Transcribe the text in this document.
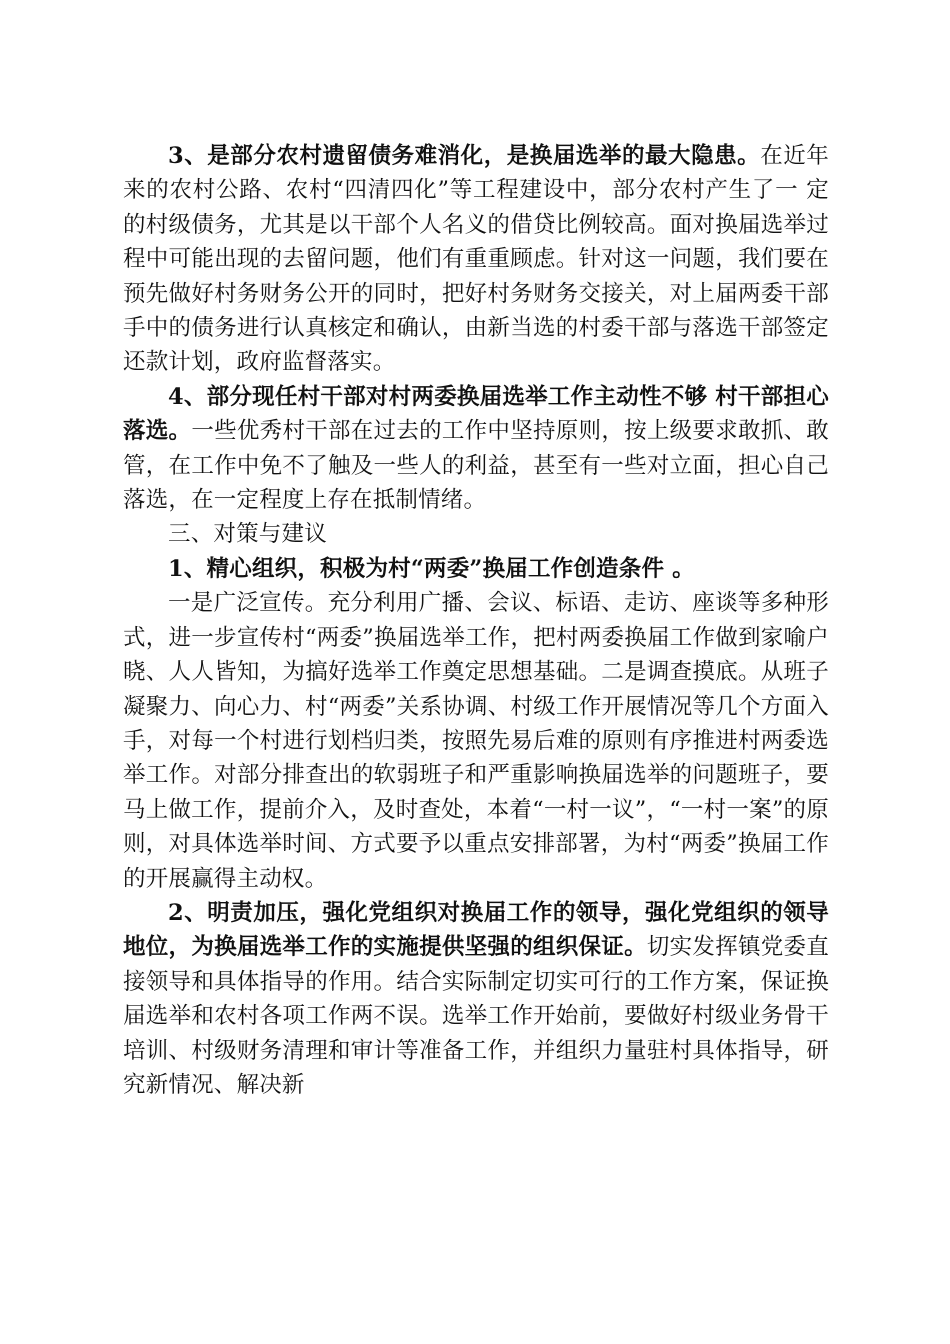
3、是部分农村遗留债务难消化，是换届选举的最大隐患。在近年来的农村公路、农村“四清四化”等工程建设中，部分农村产生了一 定的村级债务，尤其是以干部个人名义的借贷比例较高。面对换届选举过程中可能出现的去留问题，他们有重重顾虑。针对这一问题，我们要在预先做好村务财务公开的同时，把好村务财务交接关，对上届两委干部手中的债务进行认真核定和确认，由新当选的村委干部与落选干部签定还款计划，政府监督落实。

4、部分现任村干部对村两委换届选举工作主动性不够 村干部担心落选。一些优秀村干部在过去的工作中坚持原则，按上级要求敢抓、敢管，在工作中免不了触及一些人的利益，甚至有一些对立面，担心自己落选，在一定程度上存在抵制情绪。

三、对策与建议

1、精心组织，积极为村“两委”换届工作创造条件 。

一是广泛宣传。充分利用广播、会议、标语、走访、座谈等多种形式，进一步宣传村“两委”换届选举工作，把村两委换届工作做到家喻户晓、人人皆知，为搞好选举工作奠定思想基础。二是调查摸底。从班子凝聚力、向心力、村“两委”关系协调、村级工作开展情况等几个方面入手，对每一个村进行划档归类，按照先易后难的原则有序推进村两委选举工作。对部分排查出的软弱班子和严重影响换届选举的问题班子，要马上做工作，提前介入，及时查处，本着“一村一议”，“一村一案”的原则，对具体选举时间、方式要予以重点安排部署，为村“两委”换届工作的开展赢得主动权。

2、明责加压，强化党组织对换届工作的领导，强化党组织的领导地位，为换届选举工作的实施提供坚强的组织保证。切实发挥镇党委直接领导和具体指导的作用。结合实际制定切实可行的工作方案，保证换届选举和农村各项工作两不误。选举工作开始前，要做好村级业务骨干培训、村级财务清理和审计等准备工作，并组织力量驻村具体指导，研究新情况、解决新
